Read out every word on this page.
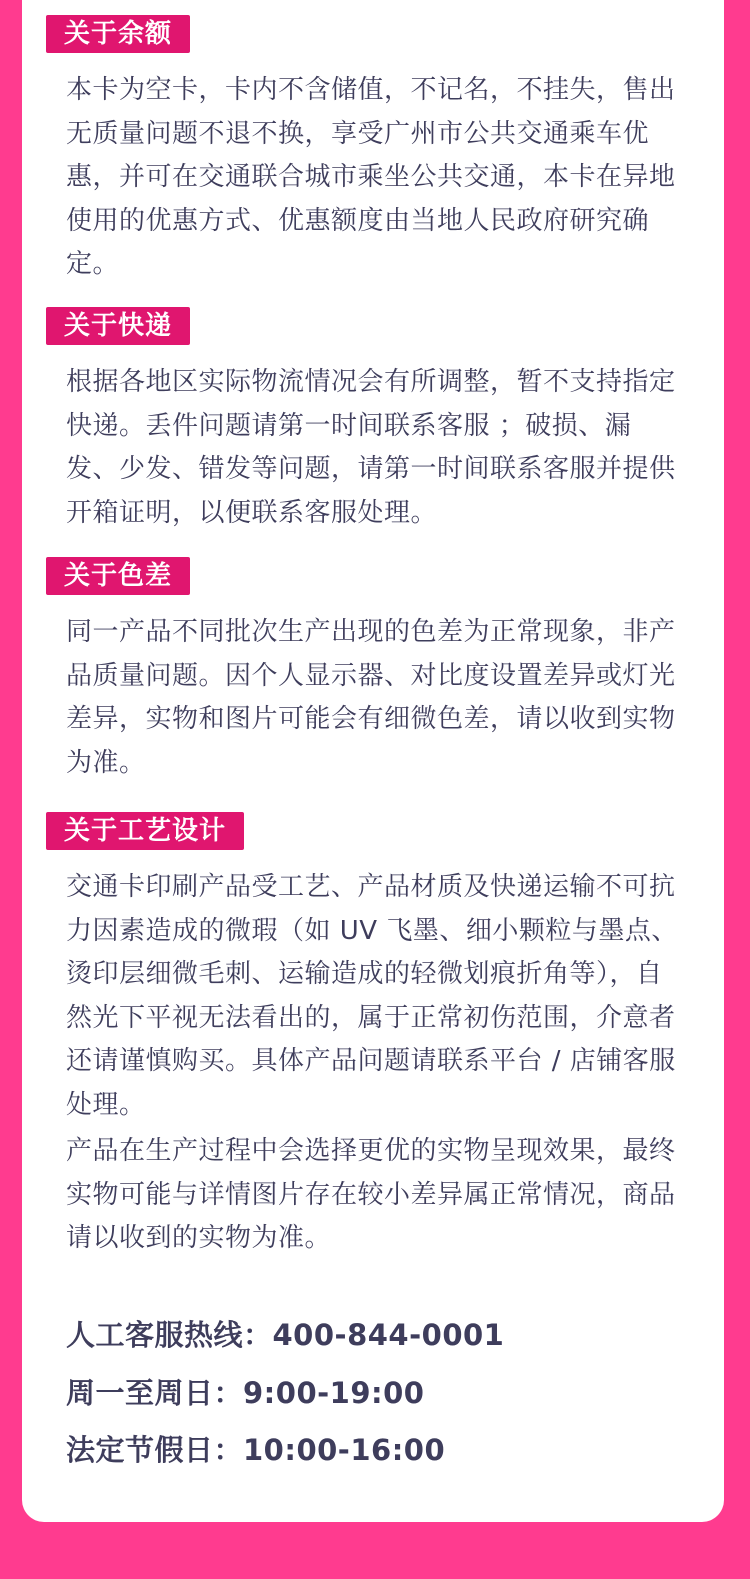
关于余额
本卡为空卡，卡内不含储值，不记名，不挂失，售出无质量问题不退不换，享受广州市公共交通乘车优惠，并可在交通联合城市乘坐公共交通，本卡在异地使用的优惠方式、优惠额度由当地人民政府研究确定。
关于快递
根据各地区实际物流情况会有所调整，暂不支持指定快递。丢件问题请第一时间联系客服 ；破损、漏发、少发、错发等问题，请第一时间联系客服并提供开箱证明，以便联系客服处理。
关于色差
同一产品不同批次生产出现的色差为正常现象，非产品质量问题。因个人显示器、对比度设置差异或灯光差异，实物和图片可能会有细微色差，请以收到实物为准。
关于工艺设计
交通卡印刷产品受工艺、产品材质及快递运输不可抗力因素造成的微瑕（如 UV 飞墨、细小颗粒与墨点、烫印层细微毛刺、运输造成的轻微划痕折角等），自然光下平视无法看出的，属于正常初伤范围，介意者还请谨慎购买。具体产品问题请联系平台 / 店铺客服处理。
产品在生产过程中会选择更优的实物呈现效果，最终实物可能与详情图片存在较小差异属正常情况，商品请以收到的实物为准。
人工客服热线：400-844-0001
周一至周日：9:00-19:00
法定节假日：10:00-16:00
